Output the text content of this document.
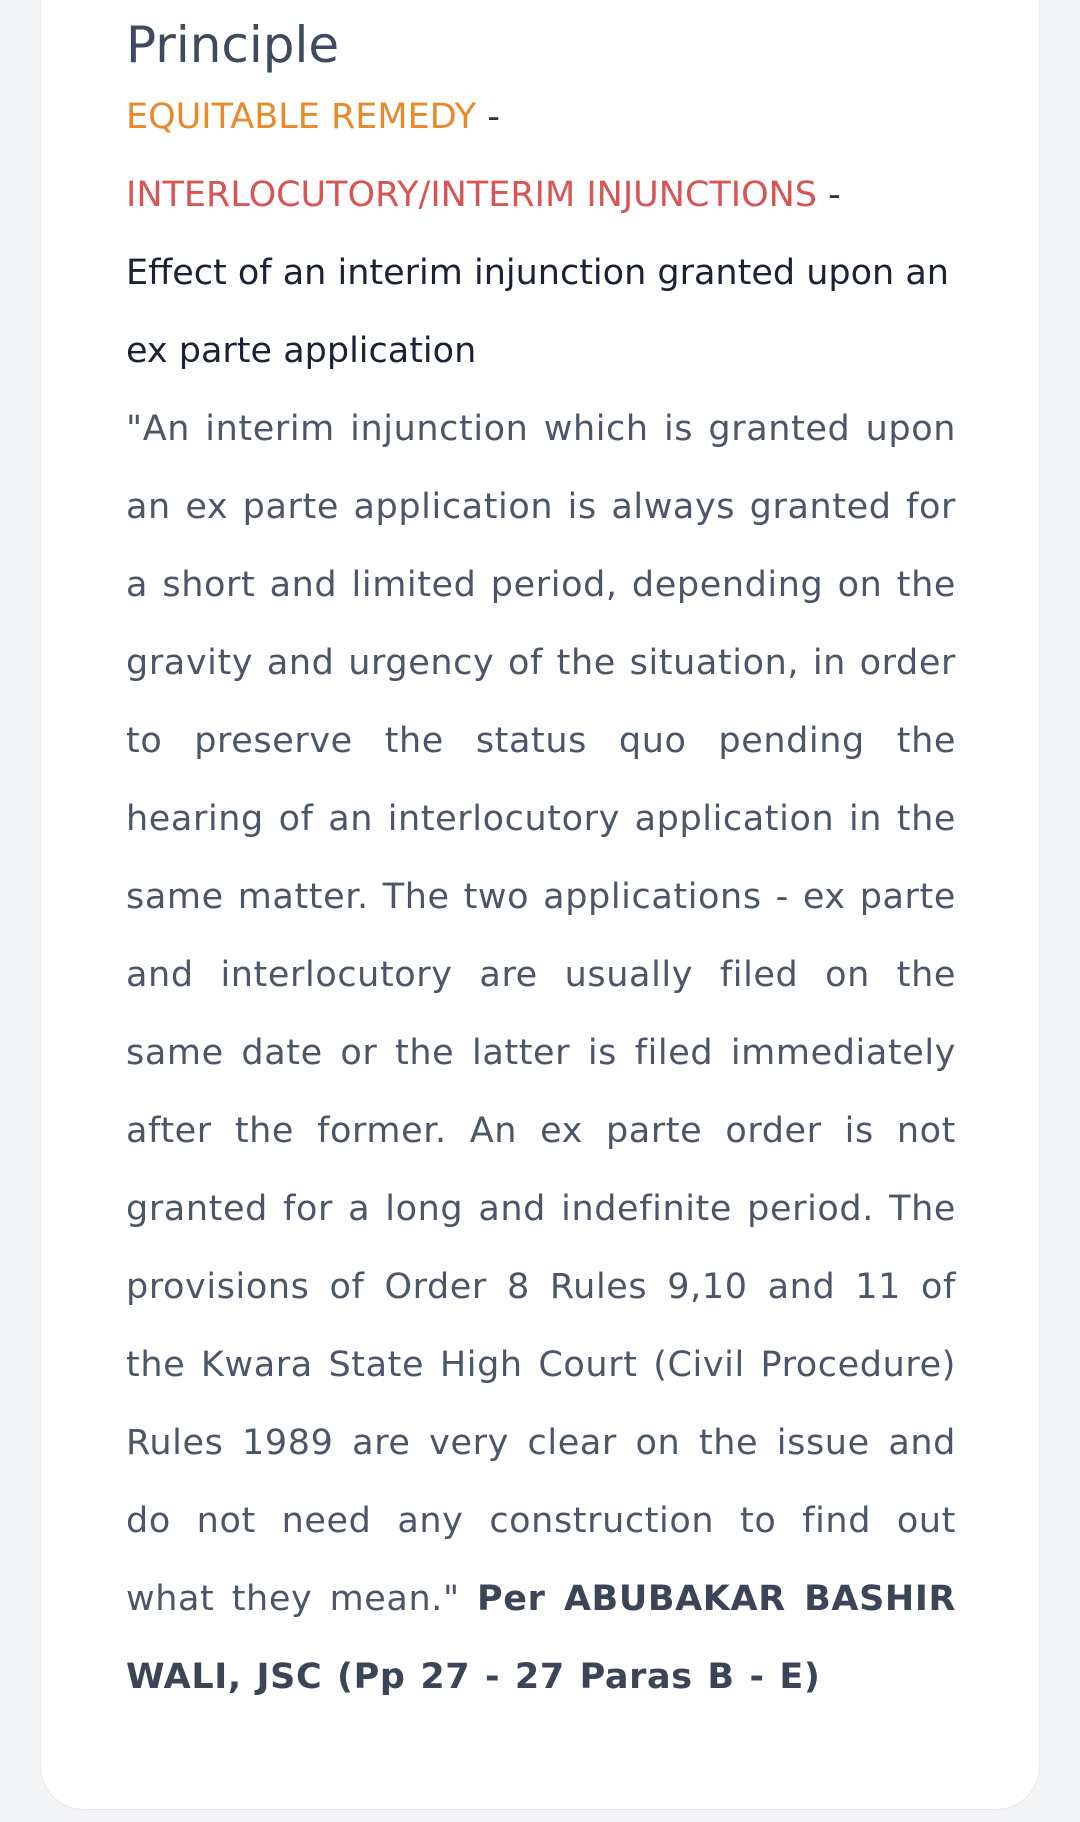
Principle

EQUITABLE REMEDY -

INTERLOCUTORY/INTERIM INJUNCTIONS -

Effect of an interim injunction granted upon an ex parte application

"An interim injunction which is granted upon an ex parte application is always granted for a short and limited period, depending on the gravity and urgency of the situation, in order to preserve the status quo pending the hearing of an interlocutory application in the same matter. The two applications - ex parte and interlocutory are usually filed on the same date or the latter is filed immediately after the former. An ex parte order is not granted for a long and indefinite period. The provisions of Order 8 Rules 9,10 and 11 of the Kwara State High Court (Civil Procedure) Rules 1989 are very clear on the issue and do not need any construction to find out what they mean." Per ABUBAKAR BASHIR WALI, JSC (Pp 27 - 27 Paras B - E)
